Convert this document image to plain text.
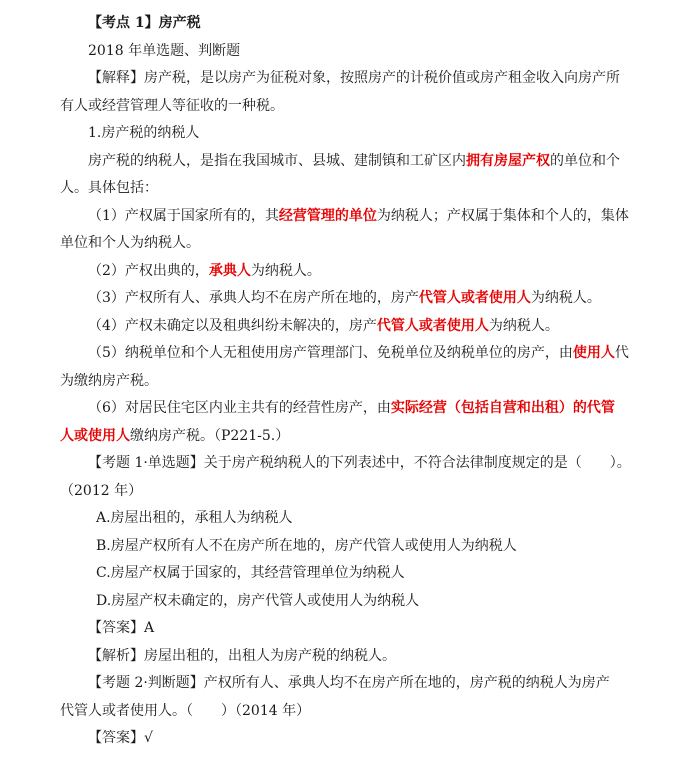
【考点 1】房产税

2018 年单选题、判断题

【解释】房产税，是以房产为征税对象，按照房产的计税价值或房产租金收入向房产所

有人或经营管理人等征收的一种税。

1.房产税的纳税人

房产税的纳税人，是指在我国城市、县城、建制镇和工矿区内拥有房屋产权的单位和个

人。具体包括：

（1）产权属于国家所有的，其经营管理的单位为纳税人；产权属于集体和个人的，集体

单位和个人为纳税人。

（2）产权出典的，承典人为纳税人。

（3）产权所有人、承典人均不在房产所在地的，房产代管人或者使用人为纳税人。

（4）产权未确定以及租典纠纷未解决的，房产代管人或者使用人为纳税人。

（5）纳税单位和个人无租使用房产管理部门、免税单位及纳税单位的房产，由使用人代

为缴纳房产税。

（6）对居民住宅区内业主共有的经营性房产，由实际经营（包括自营和出租）的代管

人或使用人缴纳房产税。（P221-5.）

【考题 1·单选题】关于房产税纳税人的下列表述中，不符合法律制度规定的是（　　）。

（2012 年）

A.房屋出租的，承租人为纳税人

B.房屋产权所有人不在房产所在地的，房产代管人或使用人为纳税人

C.房屋产权属于国家的，其经营管理单位为纳税人

D.房屋产权未确定的，房产代管人或使用人为纳税人

【答案】A

【解析】房屋出租的，出租人为房产税的纳税人。

【考题 2·判断题】产权所有人、承典人均不在房产所在地的，房产税的纳税人为房产

代管人或者使用人。（　　）（2014 年）

【答案】√
